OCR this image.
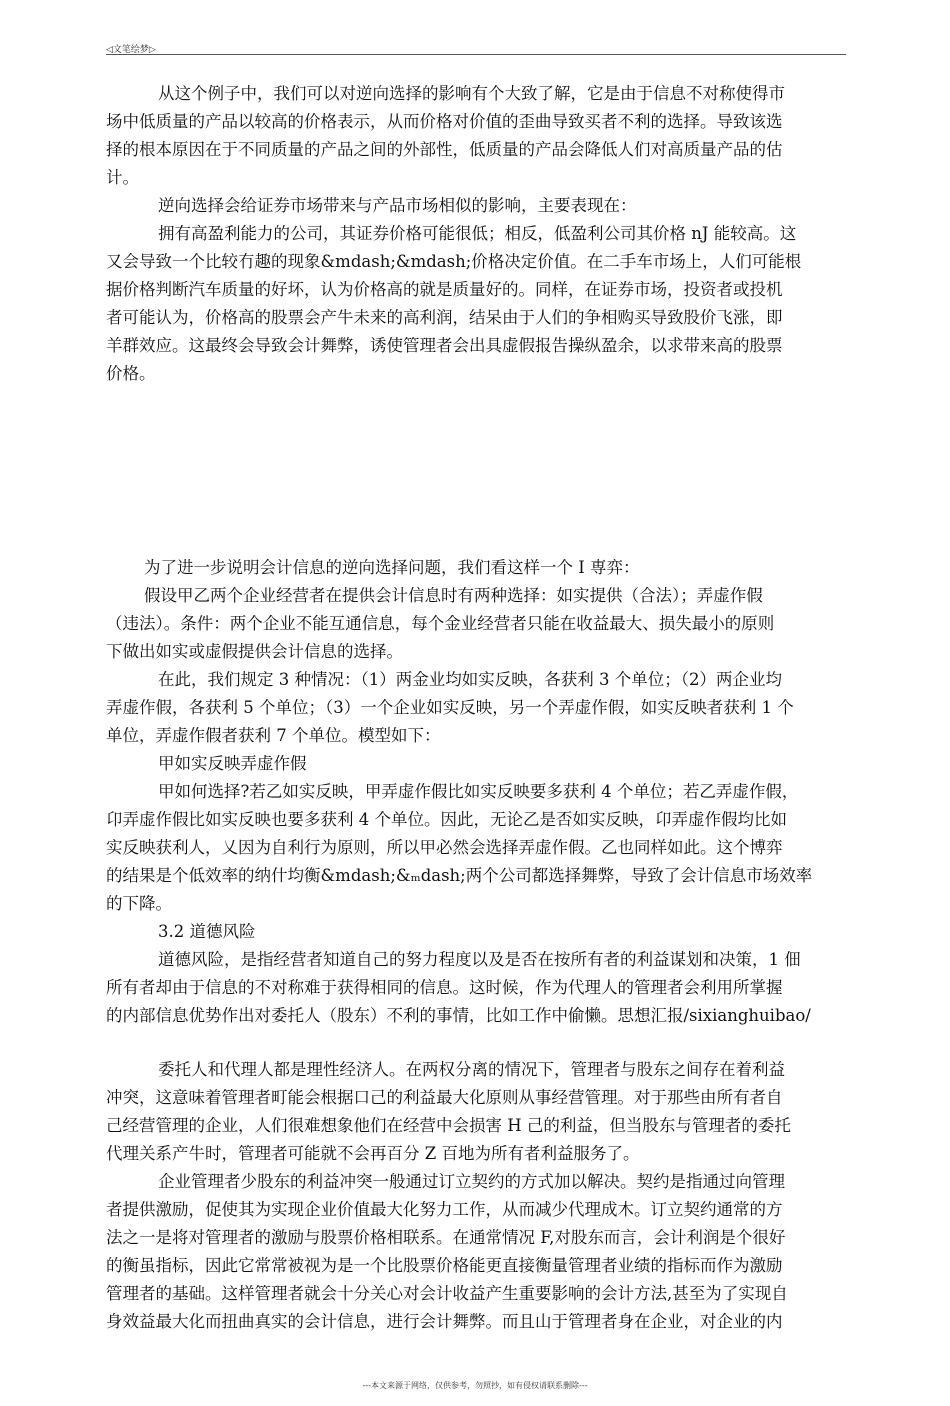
◁文笔绘梦▷
从这个例子中，我们可以对逆向选择的影响有个大致了解，它是由于信息不对称使得市
场中低质量的产品以较高的价格表示，从而价格对价值的歪曲导致买者不利的选择。导致该选
择的根本原因在于不同质量的产品之间的外部性，低质量的产品会降低人们对高质量产品的估
计。
逆向选择会给证券市场带来与产品市场相似的影响，主要表现在：
拥有高盈利能力的公司，其证券价格可能很低；相反，低盈利公司其价格 nJ 能较高。这
又会导致一个比较冇趣的现象&mdash;&mdash;价格决定价值。在二手车市场上，人们可能根
据价格判断汽车质量的好坏，认为价格高的就是质量好的。同样，在证券市场，投资者或投机
者可能认为，价格高的股票会产牛未来的高利润，结呆由于人们的争相购买导致股价飞涨，即
羊群效应。这最终会导致会计舞弊，诱使管理者会出具虚假报告操纵盈余，以求带来高的股票
价格。
为了进一步说明会计信息的逆向选择问题，我们看这样一个 I 専弈：
假设甲乙两个企业经营者在提供会计信息时有两种选择：如实提供（合法）；弄虚作假
（违法）。条件：两个企业不能互通信息，每个金业经营者只能在收益最大、损失最小的原则
下做出如实或虚假提供会计信息的选择。
在此，我们规定 3 种情况：（1）两金业均如实反映，各获利 3 个单位；（2）两企业均
弄虚作假，各获利 5 个单位；（3）一个企业如实反映，另一个弄虚作假，如实反映者获利 1 个
单位，弄虚作假者获利 7 个单位。模型如下：
甲如实反映弄虚作假
甲如何选择?若乙如实反映，甲弄虚作假比如实反映要多获利 4 个单位；若乙弄虚作假，
卬弄虚作假比如实反映也要多获利 4 个单位。因此，无论乙是否如实反映，卬弄虚作假均比如
实反映获利人，乂因为自利行为原则，所以甲必然会选择弄虚作假。乙也同样如此。这个博弈
的结果是个低效率的纳什均衡&mdash;&ₘdash;两个公司都选择舞弊，导致了会计信息市场效率
的下降。
3.2 道德风险
道德风险，是指经营者知道自己的努力程度以及是否在按所有者的利益谋划和决策，1 佃
所有者却由于信息的不对称难于获得相同的信息。这时候，作为代理人的管理者会利用所掌握
的内部信息优势作出对委托人（股东）不利的事情，比如工作中偷懒。思想汇报/sixianghuibao/
委托人和代理人都是理性经济人。在两权分离的情况下，管理者与股东之间存在着利益
冲突，这意味着管理者町能会根据口己的利益最大化原则从事经营管理。对于那些由所有者自
己经营管理的企业，人们很难想象他们在经营中会损害 H 己的利益，但当股东与管理者的委托
代理关系产牛时，管理者可能就不会再百分 Z 百地为所有者利益服务了。
企业管理者少股东的利益冲突一般通过订立契约的方式加以解决。契约是指通过向管理
者提供激励，促使其为实现企业价值最大化努力工作，从而减少代理成木。订立契约通常的方
法之一是将对管理者的激励与股票价格相联系。在通常情况 F,对股东而言，会计利润是个很好
的衡虽指标，因此它常常被视为是一个比股票价格能更直接衡量管理者业绩的指标而作为激励
管理者的基础。这样管理者就会十分关心对会计收益产生重要影响的会计方法,甚至为了实现自
身效益最大化而扭曲真实的会计信息，进行会计舞弊。而且山于管理者身在企业，对企业的内
---本文来源于网络，仅供参考，勿照抄，如有侵权请联系删除---
